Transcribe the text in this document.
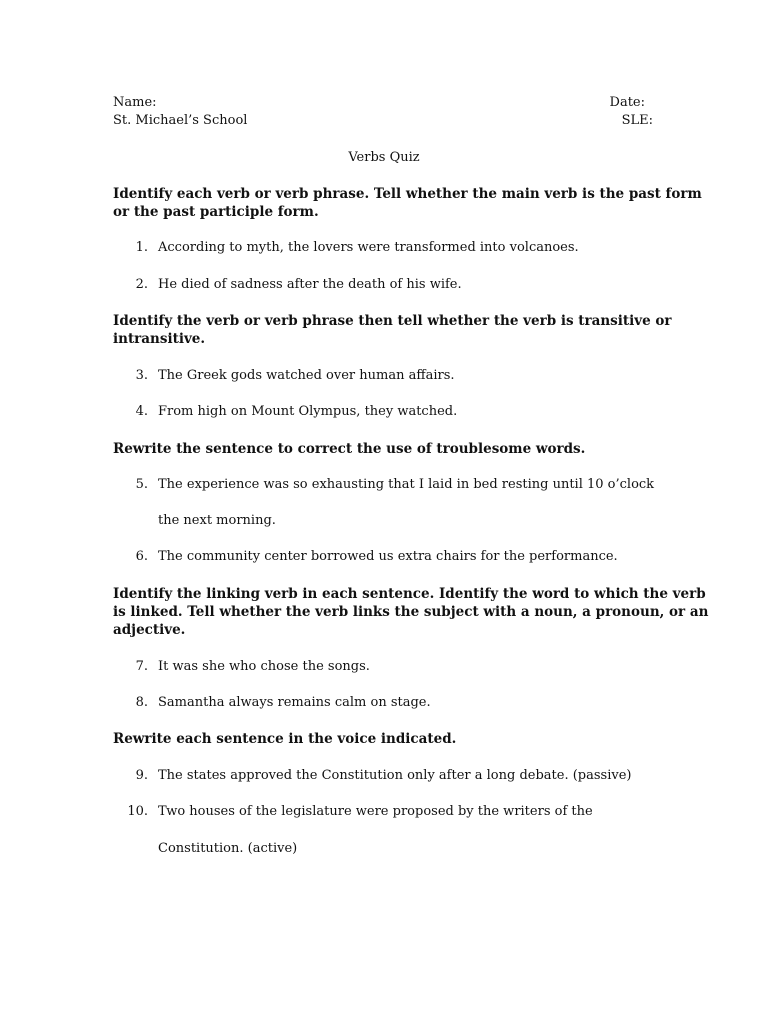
Name:	Date:
St. Michael’s School	SLE:
Verbs Quiz
Identify each verb or verb phrase. Tell whether the main verb is the past form
or the past participle form.
1. According to myth, the lovers were transformed into volcanoes.
2. He died of sadness after the death of his wife.
Identify the verb or verb phrase then tell whether the verb is transitive or
intransitive.
3. The Greek gods watched over human affairs.
4. From high on Mount Olympus, they watched.
Rewrite the sentence to correct the use of troublesome words.
5. The experience was so exhausting that I laid in bed resting until 10 o’clock
the next morning.
6. The community center borrowed us extra chairs for the performance.
Identify the linking verb in each sentence. Identify the word to which the verb
is linked. Tell whether the verb links the subject with a noun, a pronoun, or an
adjective.
7. It was she who chose the songs.
8. Samantha always remains calm on stage.
Rewrite each sentence in the voice indicated.
9. The states approved the Constitution only after a long debate. (passive)
10. Two houses of the legislature were proposed by the writers of the
Constitution. (active)
